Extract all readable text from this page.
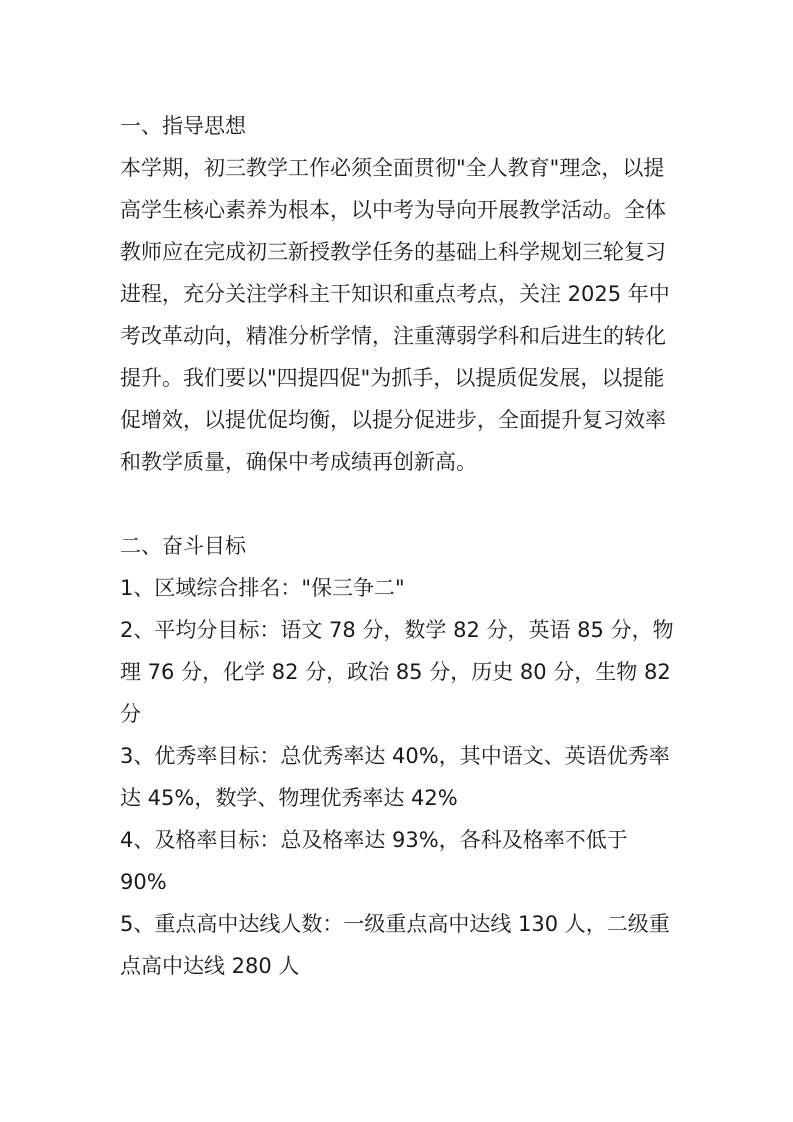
一、指导思想

本学期，初三教学工作必须全面贯彻"全人教育"理念，以提高学生核心素养为根本，以中考为导向开展教学活动。全体教师应在完成初三新授教学任务的基础上科学规划三轮复习进程，充分关注学科主干知识和重点考点，关注 2025 年中考改革动向，精准分析学情，注重薄弱学科和后进生的转化提升。我们要以"四提四促"为抓手，以提质促发展，以提能促增效，以提优促均衡，以提分促进步，全面提升复习效率和教学质量，确保中考成绩再创新高。

二、奋斗目标
1、区域综合排名："保三争二"
2、平均分目标：语文 78 分，数学 82 分，英语 85 分，物理 76 分，化学 82 分，政治 85 分，历史 80 分，生物 82 分
3、优秀率目标：总优秀率达 40%，其中语文、英语优秀率达 45%，数学、物理优秀率达 42%
4、及格率目标：总及格率达 93%，各科及格率不低于 90%
5、重点高中达线人数：一级重点高中达线 130 人，二级重点高中达线 280 人
